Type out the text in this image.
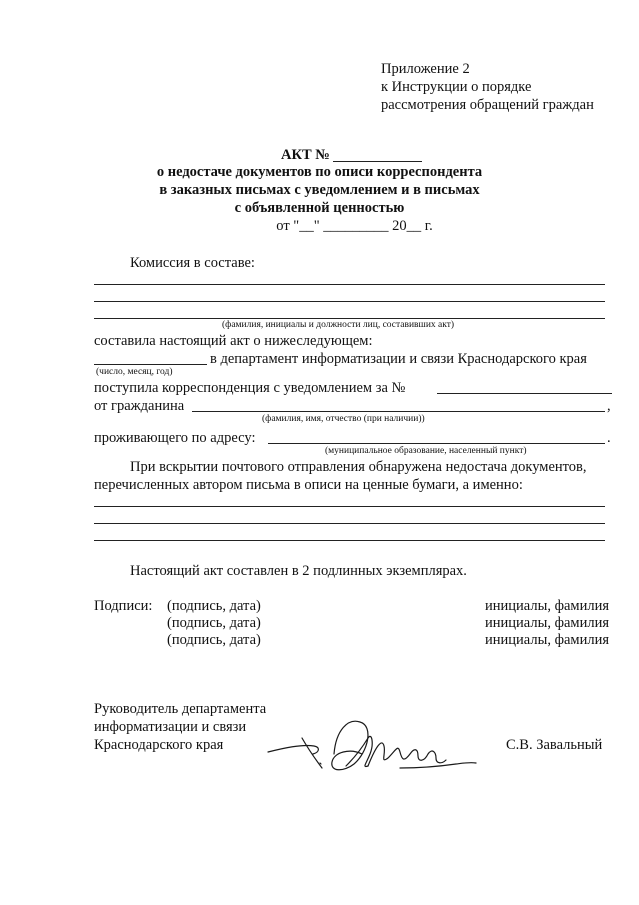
Приложение 2
к Инструкции о порядке
рассмотрения обращений граждан
АКТ №
о недостаче документов по описи корреспондента
в заказных письмах с уведомлением и в письмах
с объявленной ценностью
от "__" _________ 20__ г.
Комиссия в составе:
(фамилия, инициалы и должности лиц, составивших акт)
составила настоящий акт о нижеследующем:
в департамент информатизации и связи Краснодарского края
(число, месяц, год)
поступила корреспонденция с уведомлением за №
от гражданина	,
(фамилия, имя, отчество (при наличии))
проживающего по адресу:	.
(муниципальное образование, населенный пункт)
При вскрытии почтового отправления обнаружена недостача документов,
перечисленных автором письма в описи на ценные бумаги, а именно:
Настоящий акт составлен в 2 подлинных экземплярах.
Подписи: (подпись, дата)	инициалы, фамилия
(подпись, дата)	инициалы, фамилия
(подпись, дата)	инициалы, фамилия
Руководитель департамента
информатизации и связи
Краснодарского края	С.В. Завальный
